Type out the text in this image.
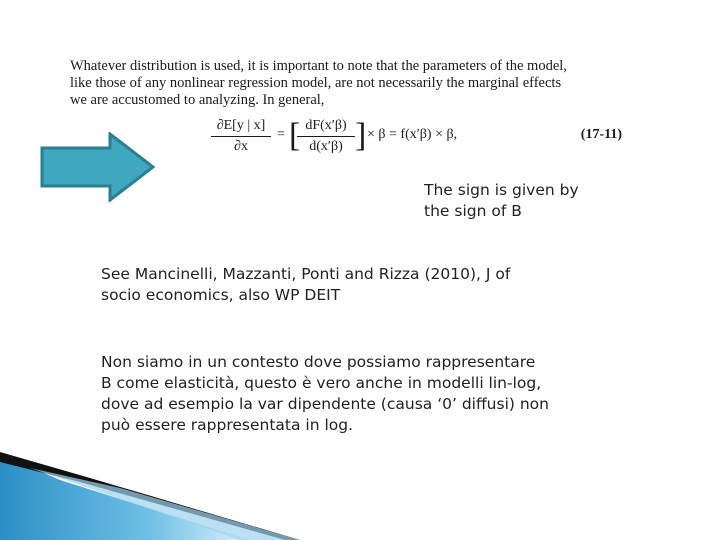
Whatever distribution is used, it is important to note that the parameters of the model,
like those of any nonlinear regression model, are not necessarily the marginal effects
we are accustomed to analyzing. In general,
$\frac{\partial E[y | x]}{\partial x}$ = [
$\frac{dF(x'\beta)}{d(x'\beta)}$ ] × β = f(x′β) × β,	(17-11)
The sign is given by
the sign of B
See Mancinelli, Mazzanti, Ponti and Rizza (2010), J of
socio economics, also WP DEIT
Non siamo in un contesto dove possiamo rappresentare
B come elasticità, questo è vero anche in modelli lin-log,
dove ad esempio la var dipendente (causa ‘0’ diffusi) non
può essere rappresentata in log.
